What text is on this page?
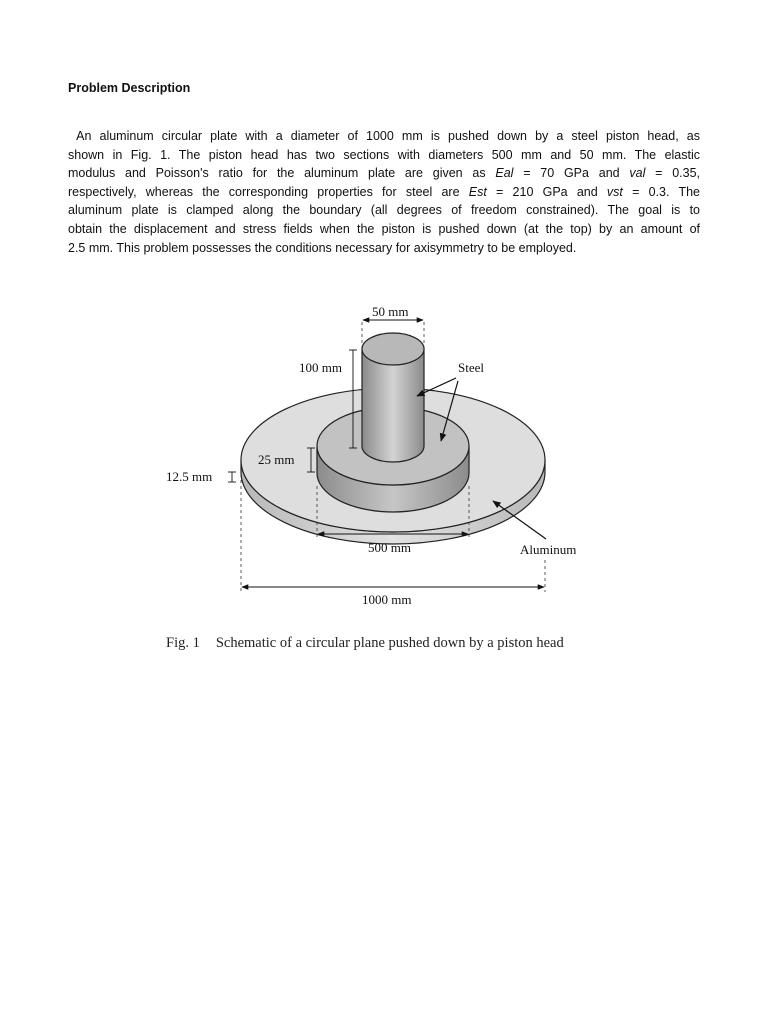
Problem Description
An aluminum circular plate with a diameter of 1000 mm is pushed down by a steel piston head, as
shown in Fig. 1. The piston head has two sections with diameters 500 mm and 50 mm. The elastic
modulus and Poisson's ratio for the aluminum plate are given as Eal = 70 GPa and val = 0.35,
respectively, whereas the corresponding properties for steel are Est = 210 GPa and vst = 0.3. The
aluminum plate is clamped along the boundary (all degrees of freedom constrained). The goal is to
obtain the displacement and stress fields when the piston is pushed down (at the top) by an amount of
2.5 mm. This problem possesses the conditions necessary for axisymmetry to be employed.
50 mm
100 mm	Steel
25 mm
12.5 mm
500 mm	Aluminum
1000 mm
Fig. 1 Schematic of a circular plane pushed down by a piston head
